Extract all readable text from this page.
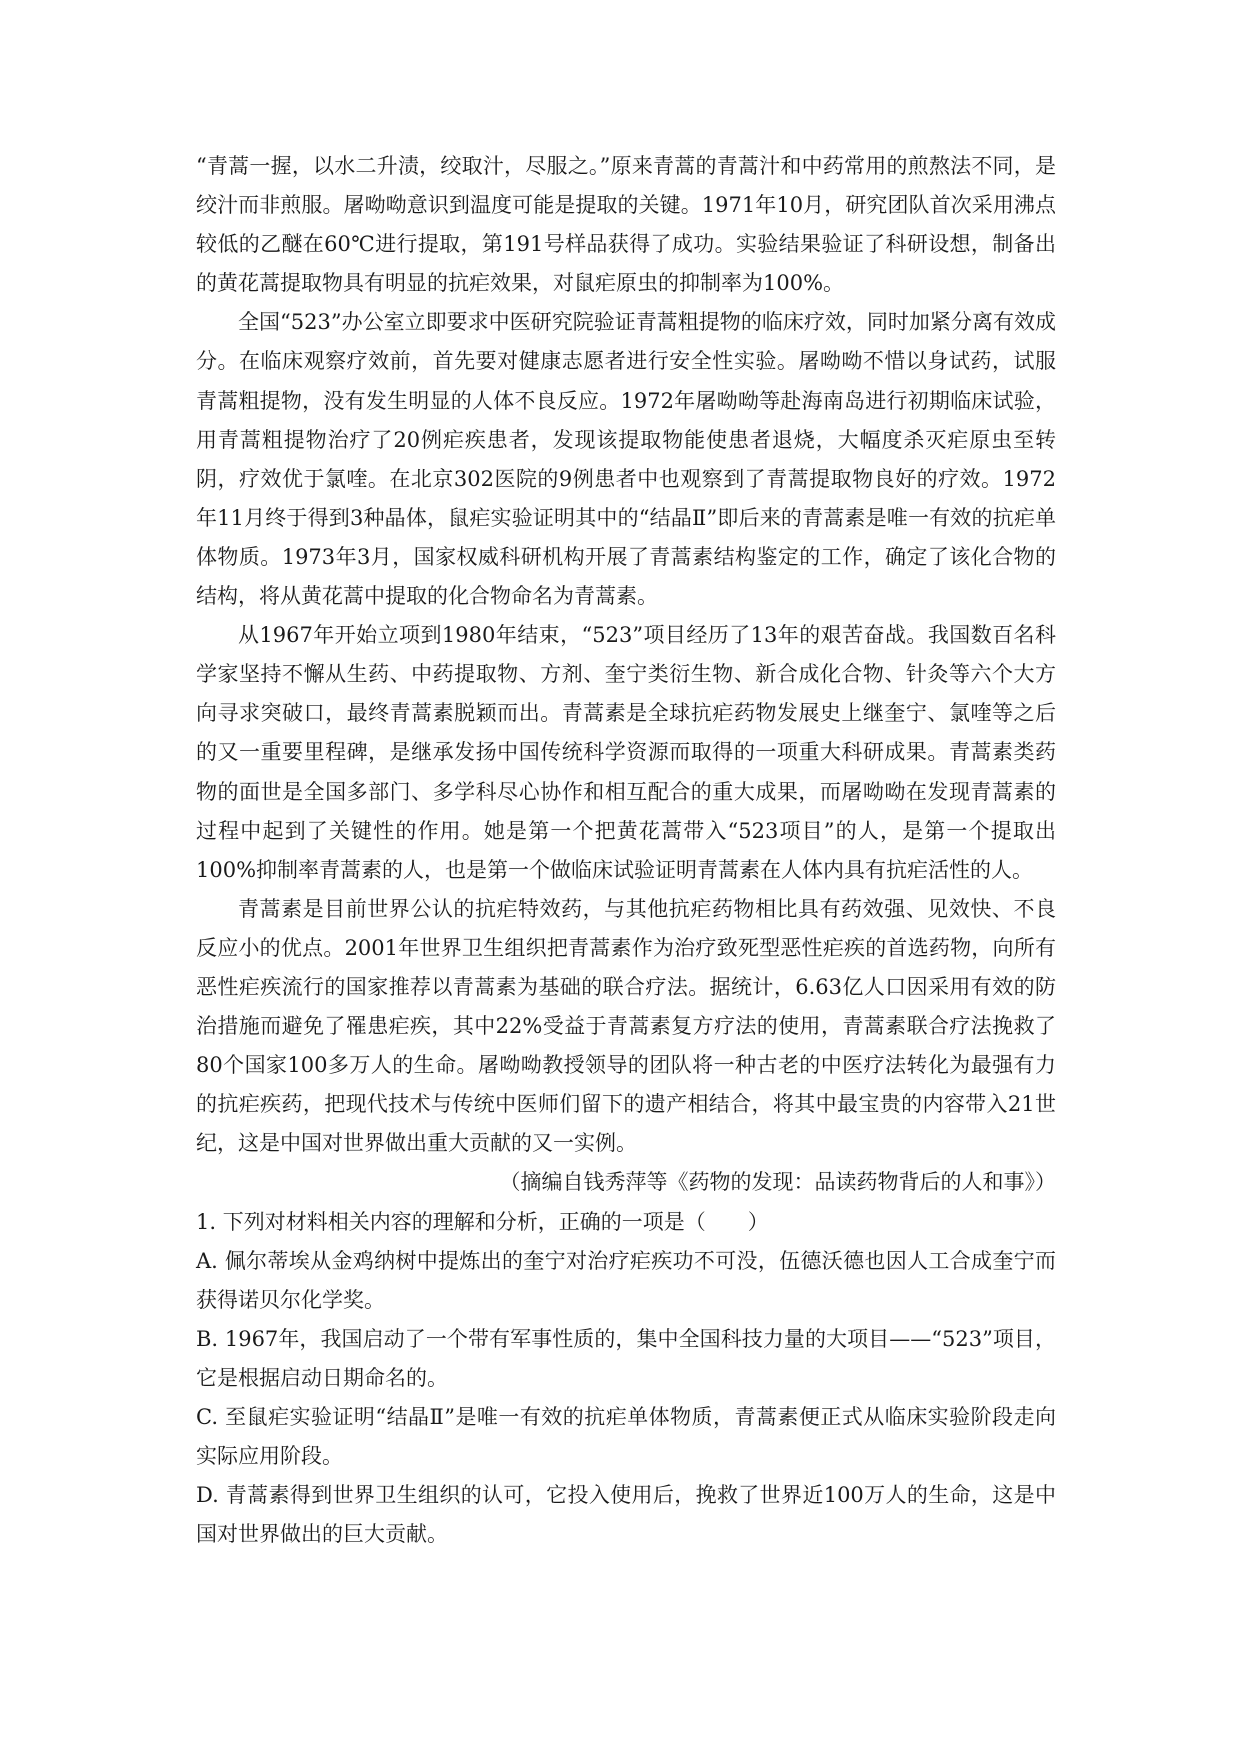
“青蒿一握，以水二升渍，绞取汁，尽服之。”原来青蒿的青蒿汁和中药常用的煎熬法不同，是绞汁而非煎服。屠呦呦意识到温度可能是提取的关键。1971年10月，研究团队首次采用沸点较低的乙醚在60℃进行提取，第191号样品获得了成功。实验结果验证了科研设想，制备出的黄花蒿提取物具有明显的抗疟效果，对鼠疟原虫的抑制率为100%。

全国“523”办公室立即要求中医研究院验证青蒿粗提物的临床疗效，同时加紧分离有效成分。在临床观察疗效前，首先要对健康志愿者进行安全性实验。屠呦呦不惜以身试药，试服青蒿粗提物，没有发生明显的人体不良反应。1972年屠呦呦等赴海南岛进行初期临床试验，用青蒿粗提物治疗了20例疟疾患者，发现该提取物能使患者退烧，大幅度杀灭疟原虫至转阴，疗效优于氯喹。在北京302医院的9例患者中也观察到了青蒿提取物良好的疗效。1972年11月终于得到3种晶体，鼠疟实验证明其中的“结晶Ⅱ”即后来的青蒿素是唯一有效的抗疟单体物质。1973年3月，国家权威科研机构开展了青蒿素结构鉴定的工作，确定了该化合物的结构，将从黄花蒿中提取的化合物命名为青蒿素。

从1967年开始立项到1980年结束，“523”项目经历了13年的艰苦奋战。我国数百名科学家坚持不懈从生药、中药提取物、方剂、奎宁类衍生物、新合成化合物、针灸等六个大方向寻求突破口，最终青蒿素脱颖而出。青蒿素是全球抗疟药物发展史上继奎宁、氯喹等之后的又一重要里程碑，是继承发扬中国传统科学资源而取得的一项重大科研成果。青蒿素类药物的面世是全国多部门、多学科尽心协作和相互配合的重大成果，而屠呦呦在发现青蒿素的过程中起到了关键性的作用。她是第一个把黄花蒿带入“523项目”的人，是第一个提取出100%抑制率青蒿素的人，也是第一个做临床试验证明青蒿素在人体内具有抗疟活性的人。

青蒿素是目前世界公认的抗疟特效药，与其他抗疟药物相比具有药效强、见效快、不良反应小的优点。2001年世界卫生组织把青蒿素作为治疗致死型恶性疟疾的首选药物，向所有恶性疟疾流行的国家推荐以青蒿素为基础的联合疗法。据统计，6.63亿人口因采用有效的防治措施而避免了罹患疟疾，其中22%受益于青蒿素复方疗法的使用，青蒿素联合疗法挽救了80个国家100多万人的生命。屠呦呦教授领导的团队将一种古老的中医疗法转化为最强有力的抗疟疾药，把现代技术与传统中医师们留下的遗产相结合，将其中最宝贵的内容带入21世纪，这是中国对世界做出重大贡献的又一实例。

（摘编自钱秀萍等《药物的发现：品读药物背后的人和事》）

1. 下列对材料相关内容的理解和分析，正确的一项是（　　）

A. 佩尔蒂埃从金鸡纳树中提炼出的奎宁对治疗疟疾功不可没，伍德沃德也因人工合成奎宁而获得诺贝尔化学奖。

B. 1967年，我国启动了一个带有军事性质的，集中全国科技力量的大项目——“523”项目，它是根据启动日期命名的。

C. 至鼠疟实验证明“结晶Ⅱ”是唯一有效的抗疟单体物质，青蒿素便正式从临床实验阶段走向实际应用阶段。

D. 青蒿素得到世界卫生组织的认可，它投入使用后，挽救了世界近100万人的生命，这是中国对世界做出的巨大贡献。
